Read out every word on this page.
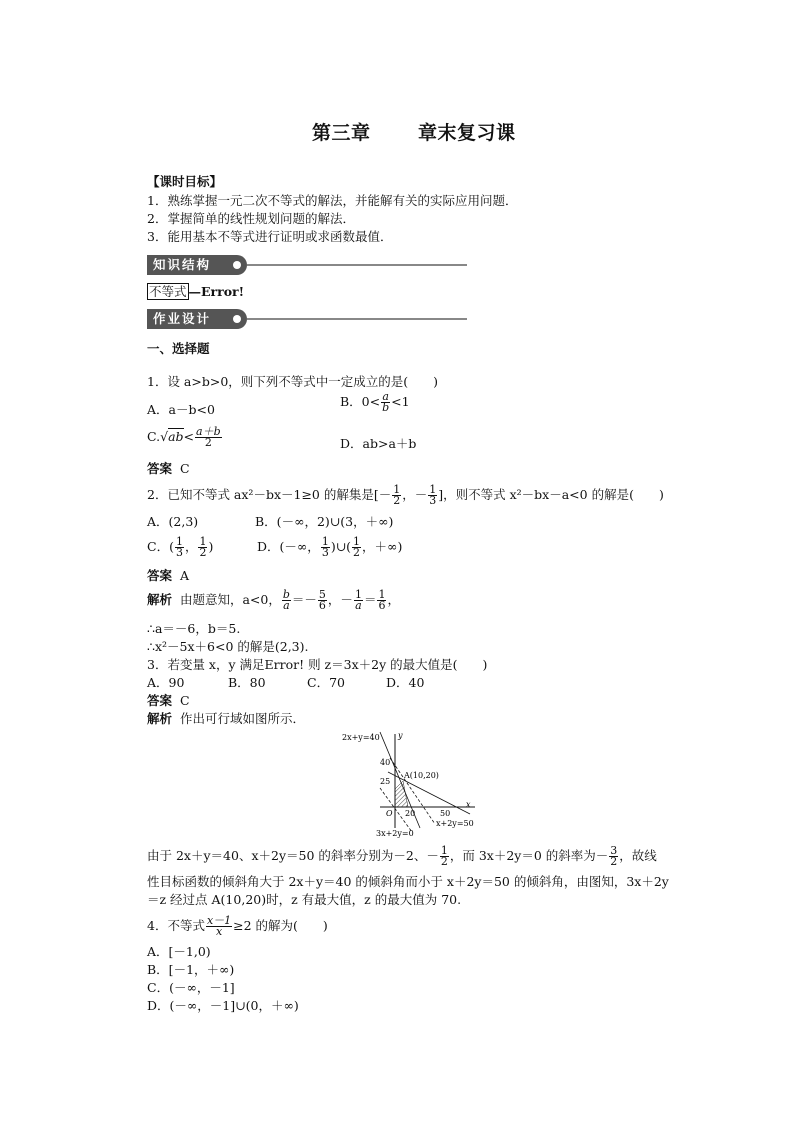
第三章 章末复习课
【课时目标】
1．熟练掌握一元二次不等式的解法，并能解有关的实际应用问题．
2．掌握简单的线性规划问题的解法．
3．能用基本不等式进行证明或求函数最值．
知识结构
不等式 —Error!
作业设计
一、选择题
1．设 a>b>0，则下列不等式中一定成立的是(　　)
A．a－b<0
B．$0< \frac{a}{b} <1$
$C.√ab< \frac{a+b}{2}$	D．ab>a＋b
答案 C
2．已知不等式 ax²－bx－1≥0 的解集是[－ $\frac{1}{2}$ ，－ $\frac{1}{3}$ ]，则不等式 x²－bx－a<0 的解是(　　)
A．(2,3)	B．(－∞，2)∪(3，＋∞)
C．( $\frac{1}{3}$ ， $\frac{1}{2}$ )	D．(－∞， $\frac{1}{3}$ )∪( $\frac{1}{2}$ ，＋∞)
答案 A
解析 由题意知，a<0， $\frac{b}{a} =- \frac{5}{6}$ ，－ $\frac{1}{a} = \frac{1}{6}$ ，
∴a＝－6，b＝5.
∴x²－5x＋6<0 的解是(2,3).
3．若变量 x，y 满足Error! 则 z＝3x＋2y 的最大值是(　　)
A．90	B．80	C．70	D．40
答案 C
解析 作出可行域如图所示．
2x+y=40 y
40
25
A(10,20)
O 20	50
x
x+2y=50
3x+2y=0
由于 2x＋y＝40、x＋2y＝50 的斜率分别为－2、－ $\frac{1}{2}$ ，而 3x＋2y＝0 的斜率为－ $\frac{3}{2}$ ，故线
性目标函数的倾斜角大于 2x＋y＝40 的倾斜角而小于 x＋2y＝50 的倾斜角，由图知，3x＋2y
＝z 经过点 A(10,20)时，z 有最大值，z 的最大值为 70.
4．不等式 $\frac{x-1}{x} \ge 2$ 的解为(　　)
A．[－1,0)
B．[－1，＋∞)
C．(－∞，－1]
D．(－∞，－1]∪(0，＋∞)
